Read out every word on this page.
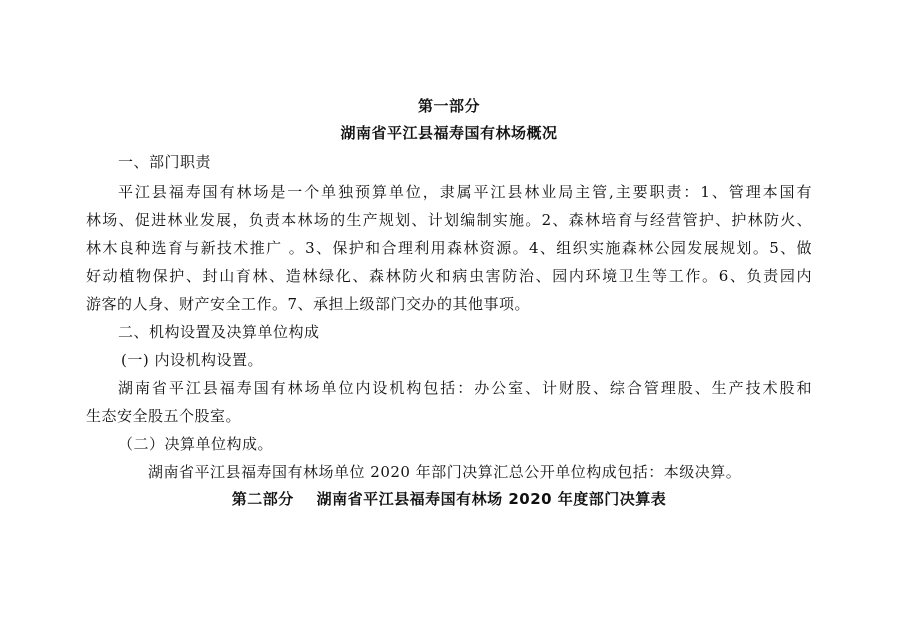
第一部分
湖南省平江县福寿国有林场概况
一、部门职责
平江县福寿国有林场是一个单独预算单位，隶属平江县林业局主管,主要职责：1、管理本国有
林场、促进林业发展，负责本林场的生产规划、计划编制实施。2、森林培育与经营管护、护林防火、
林木良种选育与新技术推广 。3、保护和合理利用森林资源。4、组织实施森林公园发展规划。5、做
好动植物保护、封山育林、造林绿化、森林防火和病虫害防治、园内环境卫生等工作。6、负责园内
游客的人身、财产安全工作。7、承担上级部门交办的其他事项。
二、机构设置及决算单位构成
(一) 内设机构设置。
湖南省平江县福寿国有林场单位内设机构包括：办公室、计财股、综合管理股、生产技术股和
生态安全股五个股室。
（二）决算单位构成。
湖南省平江县福寿国有林场单位 2020 年部门决算汇总公开单位构成包括：本级决算。
第二部分    湖南省平江县福寿国有林场 2020 年度部门决算表
